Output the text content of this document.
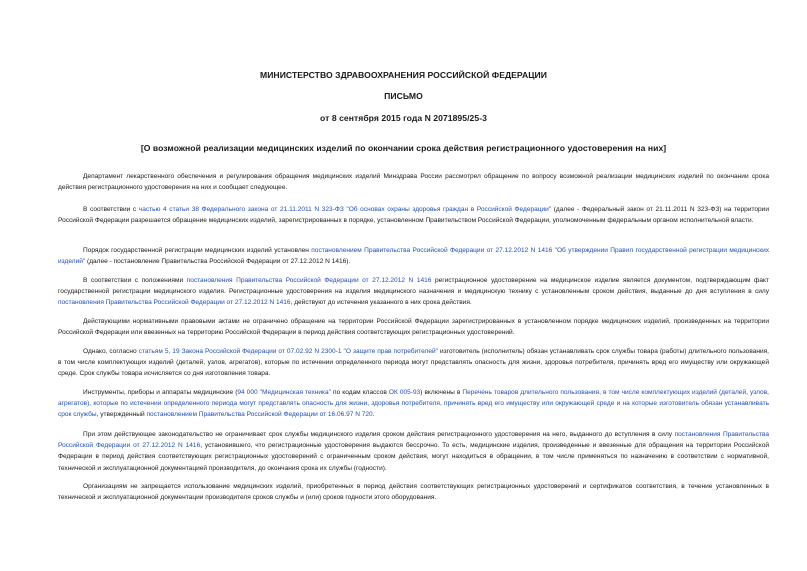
МИНИСТЕРСТВО ЗДРАВООХРАНЕНИЯ РОССИЙСКОЙ ФЕДЕРАЦИИ
ПИСЬМО
от 8 сентября 2015 года N 2071895/25-3
[О возможной реализации медицинских изделий по окончании срока действия регистрационного удостоверения на них]

Департамент лекарственного обеспечения и регулирования обращения медицинских изделий Минздрава России рассмотрел обращение по вопросу возможной реализации медицинских изделий по окончании срока действия регистрационного удостоверения на них и сообщает следующее.

В соответствии с частью 4 статьи 38 Федерального закона от 21.11.2011 N 323-ФЗ "Об основах охраны здоровья граждан в Российской Федерации" (далее - Федеральный закон от 21.11.2011 N 323-ФЗ) на территории Российской Федерации разрешается обращение медицинских изделий, зарегистрированных в порядке, установленном Правительством Российской Федерации, уполномоченным федеральным органом исполнительной власти.

Порядок государственной регистрации медицинских изделий установлен постановлением Правительства Российской Федерации от 27.12.2012 N 1416 "Об утверждении Правил государственной регистрации медицинских изделий" (далее - постановление Правительства Российской Федерации от 27.12.2012 N 1416).

В соответствии с положениями постановления Правительства Российской Федерации от 27.12.2012 N 1416 регистрационное удостоверение на медицинское изделие является документом, подтверждающим факт государственной регистрации медицинского изделия. Регистрационные удостоверения на изделия медицинского назначения и медицинскую технику с установленным сроком действия, выданные до дня вступления в силу постановления Правительства Российской Федерации от 27.12.2012 N 1416, действуют до истечения указанного в них срока действия.

Действующими нормативными правовыми актами не ограничено обращение на территории Российской Федерации зарегистрированных в установленном порядке медицинских изделий, произведенных на территории Российской Федерации или ввезенных на территорию Российской Федерации в период действия соответствующих регистрационных удостоверений.

Однако, согласно статьям 5, 19 Закона Российской Федерации от 07.02.92 N 2300-1 "О защите прав потребителей" изготовитель (исполнитель) обязан устанавливать срок службы товара (работы) длительного пользования, в том числе комплектующих изделий (деталей, узлов, агрегатов), которые по истечении определенного периода могут представлять опасность для жизни, здоровья потребителя, причинять вред его имуществу или окружающей среде. Срок службы товара исчисляется со дня изготовления товара.

Инструменты, приборы и аппараты медицинские (94 000 "Медицинская техника" по кодам классов ОК 005-93) включены в Перечень товаров длительного пользования, в том числе комплектующих изделий (деталей, узлов, агрегатов), которые по истечении определенного периода могут представлять опасность для жизни, здоровья потребителя, причинять вред его имуществу или окружающей среде и на которые изготовитель обязан устанавливать срок службы, утвержденный постановлением Правительства Российской Федерации от 16.06.97 N 720.

При этом действующее законодательство не ограничивает срок службы медицинского изделия сроком действия регистрационного удостоверения на него, выданного до вступления в силу постановления Правительства Российской Федерации от 27.12.2012 N 1416, установившего, что регистрационные удостоверения выдаются бессрочно. То есть, медицинские изделия, произведенные и ввезенные для обращения на территории Российской Федерации в период действия соответствующих регистрационных удостоверений с ограниченным сроком действия, могут находиться в обращении, в том числе применяться по назначению в соответствии с нормативной, технической и эксплуатационной документацией производителя, до окончания срока их службы (годности).

Организациям не запрещается использование медицинских изделий, приобретенных в период действия соответствующих регистрационных удостоверений и сертификатов соответствия, в течение установленных в технической и эксплуатационной документации производителя сроков службы и (или) сроков годности этого оборудования.
